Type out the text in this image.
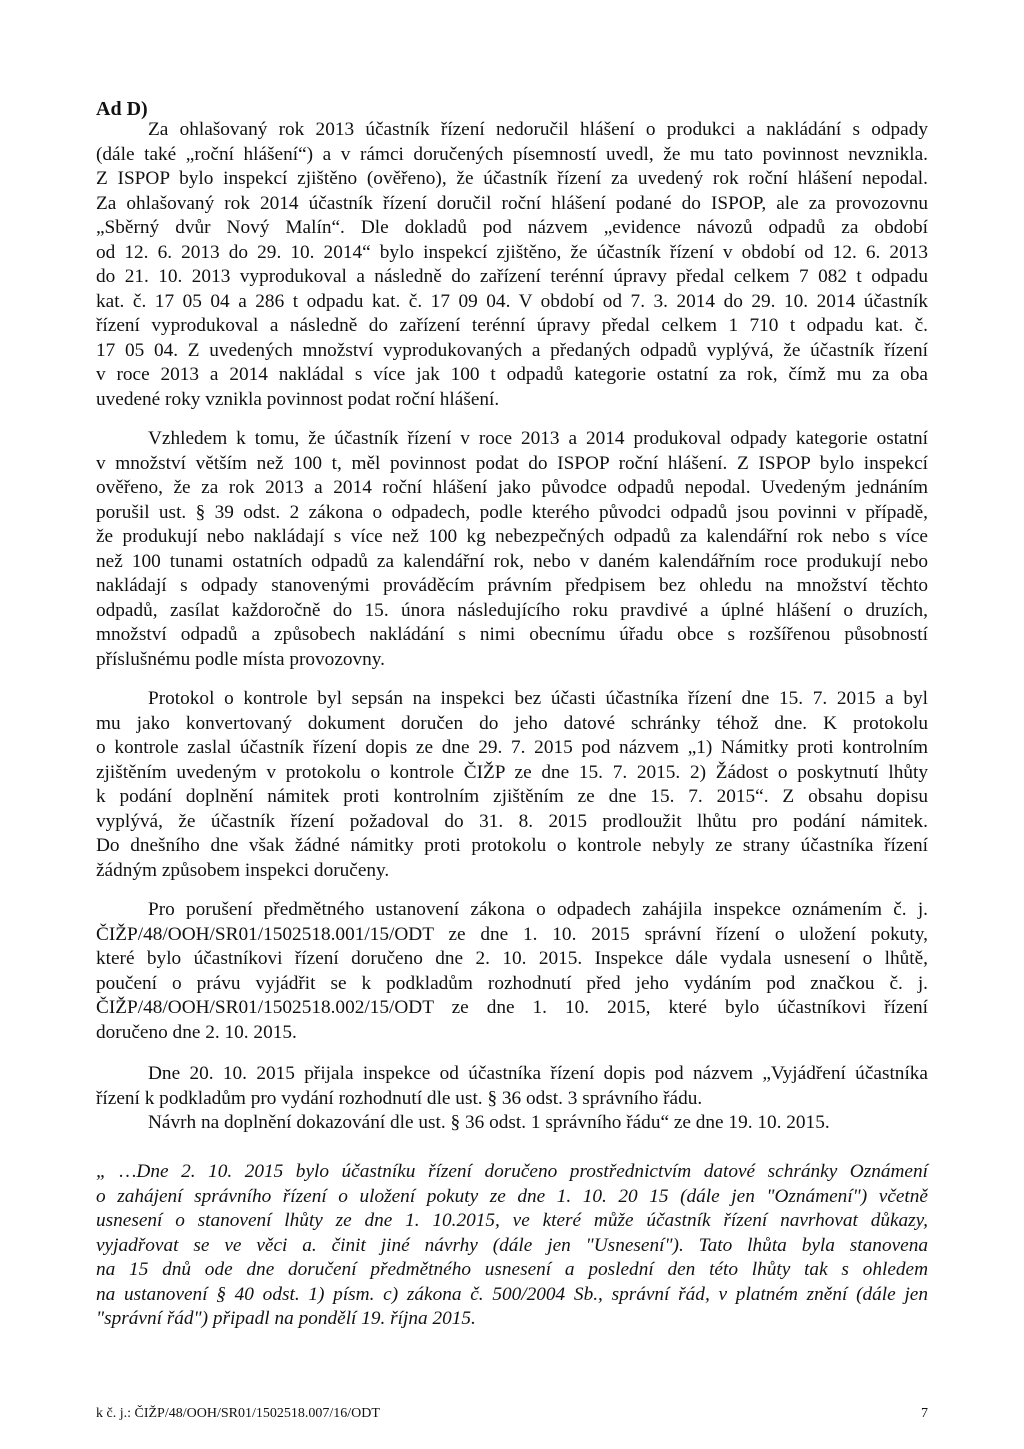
Ad D)
Za ohlašovaný rok 2013 účastník řízení nedoručil hlášení o produkci a nakládání s odpady
(dále také „roční hlášení“) a v rámci doručených písemností uvedl, že mu tato povinnost nevznikla.
Z ISPOP bylo inspekcí zjištěno (ověřeno), že účastník řízení za uvedený rok roční hlášení nepodal.
Za ohlašovaný rok 2014 účastník řízení doručil roční hlášení podané do ISPOP, ale za provozovnu
„Sběrný dvůr Nový Malín“. Dle dokladů pod názvem „evidence návozů odpadů za období
od 12. 6. 2013 do 29. 10. 2014“ bylo inspekcí zjištěno, že účastník řízení v období od 12. 6. 2013
do 21. 10. 2013 vyprodukoval a následně do zařízení terénní úpravy předal celkem 7 082 t odpadu
kat. č. 17 05 04 a 286 t odpadu kat. č. 17 09 04. V období od 7. 3. 2014 do 29. 10. 2014 účastník
řízení vyprodukoval a následně do zařízení terénní úpravy předal celkem 1 710 t odpadu kat. č.
17 05 04. Z uvedených množství vyprodukovaných a předaných odpadů vyplývá, že účastník řízení
v roce 2013 a 2014 nakládal s více jak 100 t odpadů kategorie ostatní za rok, čímž mu za oba
uvedené roky vznikla povinnost podat roční hlášení.
Vzhledem k tomu, že účastník řízení v roce 2013 a 2014 produkoval odpady kategorie ostatní
v množství větším než 100 t, měl povinnost podat do ISPOP roční hlášení. Z ISPOP bylo inspekcí
ověřeno, že za rok 2013 a 2014 roční hlášení jako původce odpadů nepodal. Uvedeným jednáním
porušil ust. § 39 odst. 2 zákona o odpadech, podle kterého původci odpadů jsou povinni v případě,
že produkují nebo nakládají s více než 100 kg nebezpečných odpadů za kalendářní rok nebo s více
než 100 tunami ostatních odpadů za kalendářní rok, nebo v daném kalendářním roce produkují nebo
nakládají s odpady stanovenými prováděcím právním předpisem bez ohledu na množství těchto
odpadů, zasílat každoročně do 15. února následujícího roku pravdivé a úplné hlášení o druzích,
množství odpadů a způsobech nakládání s nimi obecnímu úřadu obce s rozšířenou působností
příslušnému podle místa provozovny.
Protokol o kontrole byl sepsán na inspekci bez účasti účastníka řízení dne 15. 7. 2015 a byl
mu jako konvertovaný dokument doručen do jeho datové schránky téhož dne. K protokolu
o kontrole zaslal účastník řízení dopis ze dne 29. 7. 2015 pod názvem „1) Námitky proti kontrolním
zjištěním uvedeným v protokolu o kontrole ČIŽP ze dne 15. 7. 2015. 2) Žádost o poskytnutí lhůty
k podání doplnění námitek proti kontrolním zjištěním ze dne 15. 7. 2015“. Z obsahu dopisu
vyplývá, že účastník řízení požadoval do 31. 8. 2015 prodloužit lhůtu pro podání námitek.
Do dnešního dne však žádné námitky proti protokolu o kontrole nebyly ze strany účastníka řízení
žádným způsobem inspekci doručeny.
Pro porušení předmětného ustanovení zákona o odpadech zahájila inspekce oznámením č. j.
ČIŽP/48/OOH/SR01/1502518.001/15/ODT ze dne 1. 10. 2015 správní řízení o uložení pokuty,
které bylo účastníkovi řízení doručeno dne 2. 10. 2015. Inspekce dále vydala usnesení o lhůtě,
poučení o právu vyjádřit se k podkladům rozhodnutí před jeho vydáním pod značkou č. j.
ČIŽP/48/OOH/SR01/1502518.002/15/ODT ze dne 1. 10. 2015, které bylo účastníkovi řízení
doručeno dne 2. 10. 2015.
Dne 20. 10. 2015 přijala inspekce od účastníka řízení dopis pod názvem „Vyjádření účastníka
řízení k podkladům pro vydání rozhodnutí dle ust. § 36 odst. 3 správního řádu.
Návrh na doplnění dokazování dle ust. § 36 odst. 1 správního řádu“ ze dne 19. 10. 2015.
„ …Dne 2. 10. 2015 bylo účastníku řízení doručeno prostřednictvím datové schránky Oznámení
o zahájení správního řízení o uložení pokuty ze dne 1. 10. 20 15 (dále jen "Oznámení") včetně
usnesení o stanovení lhůty ze dne 1. 10.2015, ve které může účastník řízení navrhovat důkazy,
vyjadřovat se ve věci a. činit jiné návrhy (dále jen "Usnesení"). Tato lhůta byla stanovena
na 15 dnů ode dne doručení předmětného usnesení a poslední den této lhůty tak s ohledem
na ustanovení § 40 odst. 1) písm. c) zákona č. 500/2004 Sb., správní řád, v platném znění (dále jen
"správní řád") připadl na pondělí 19. října 2015.
k č. j.: ČIŽP/48/OOH/SR01/1502518.007/16/ODT	7
